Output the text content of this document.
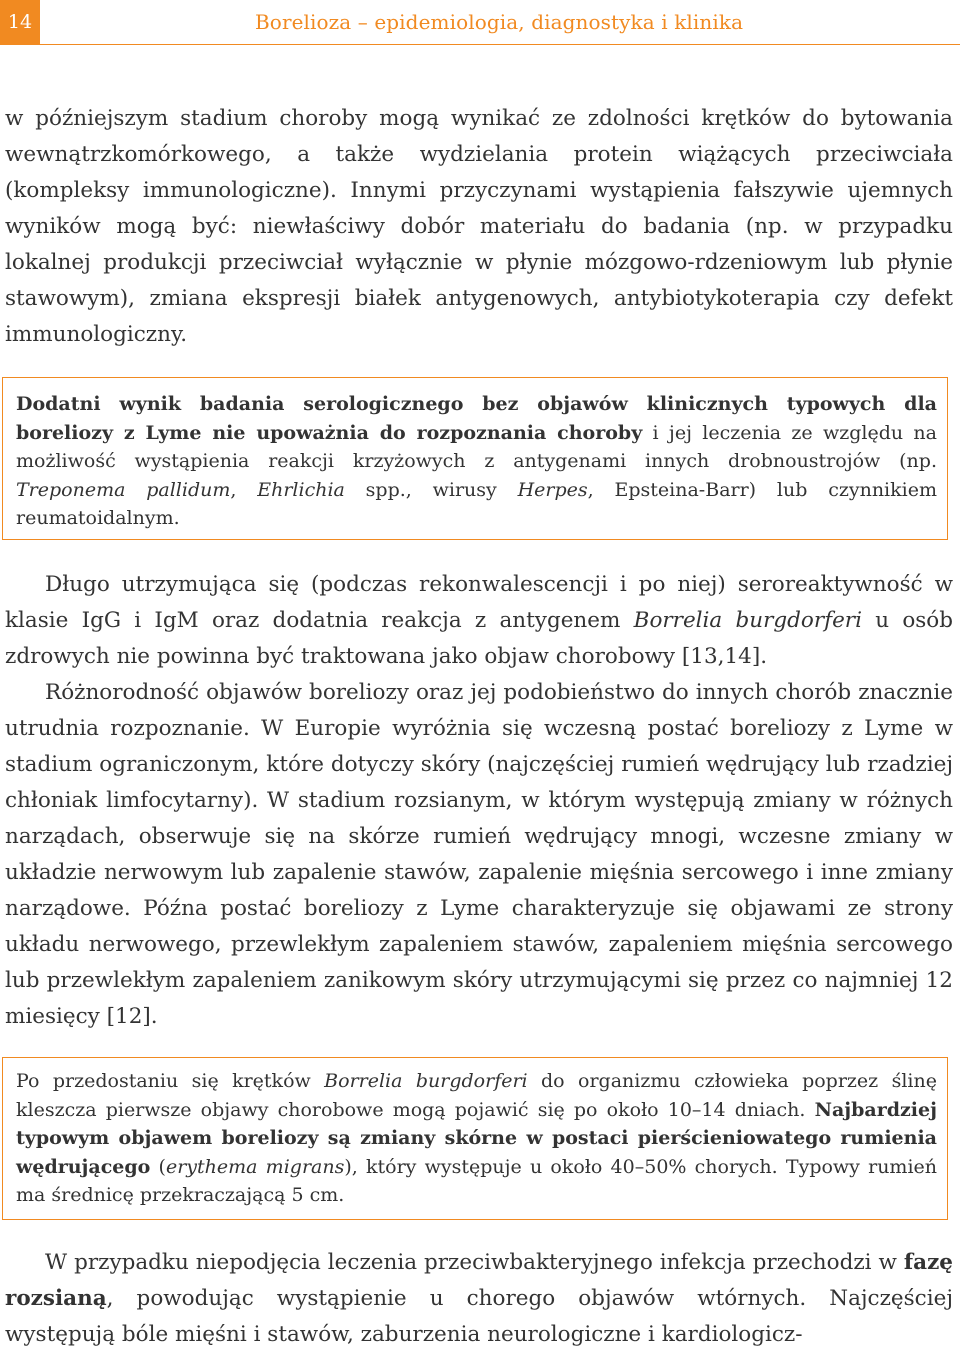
14	Borelioza – epidemiologia, diagnostyka i klinika

w późniejszym stadium choroby mogą wynikać ze zdolności krętków do bytowania wewnątrzkomórkowego, a także wydzielania protein wiążących przeciwciała (kompleksy immunologiczne). Innymi przyczynami wystąpienia fałszywie ujemnych wyników mogą być: niewłaściwy dobór materiału do badania (np. w przypadku lokalnej produkcji przeciwciał wyłącznie w płynie mózgowo-rdzeniowym lub płynie stawowym), zmiana ekspresji białek antygenowych, antybiotykoterapia czy defekt immunologiczny.

Dodatni wynik badania serologicznego bez objawów klinicznych typowych dla boreliozy z Lyme nie upoważnia do rozpoznania choroby i jej leczenia ze względu na możliwość wystąpienia reakcji krzyżowych z antygenami innych drobnoustrojów (np. Treponema pallidum, Ehrlichia spp., wirusy Herpes, Epsteina-Barr) lub czynnikiem reumatoidalnym.

Długo utrzymująca się (podczas rekonwalescencji i po niej) seroreaktywność w klasie IgG i IgM oraz dodatnia reakcja z antygenem Borrelia burgdorferi u osób zdrowych nie powinna być traktowana jako objaw chorobowy [13,14].

Różnorodność objawów boreliozy oraz jej podobieństwo do innych chorób znacznie utrudnia rozpoznanie. W Europie wyróżnia się wczesną postać boreliozy z Lyme w stadium ograniczonym, które dotyczy skóry (najczęściej rumień wędrujący lub rzadziej chłoniak limfocytarny). W stadium rozsianym, w którym występują zmiany w różnych narządach, obserwuje się na skórze rumień wędrujący mnogi, wczesne zmiany w układzie nerwowym lub zapalenie stawów, zapalenie mięśnia sercowego i inne zmiany narządowe. Późna postać boreliozy z Lyme charakteryzuje się objawami ze strony układu nerwowego, przewlekłym zapaleniem stawów, zapaleniem mięśnia sercowego lub przewlekłym zapaleniem zanikowym skóry utrzymującymi się przez co najmniej 12 miesięcy [12].

Po przedostaniu się krętków Borrelia burgdorferi do organizmu człowieka poprzez ślinę kleszcza pierwsze objawy chorobowe mogą pojawić się po około 10–14 dniach. Najbardziej typowym objawem boreliozy są zmiany skórne w postaci pierścieniowatego rumienia wędrującego (erythema migrans), który występuje u około 40–50% chorych. Typowy rumień ma średnicę przekraczającą 5 cm.

W przypadku niepodjęcia leczenia przeciwbakteryjnego infekcja przechodzi w fazę rozsianą, powodując wystąpienie u chorego objawów wtórnych. Najczęściej występują bóle mięśni i stawów, zaburzenia neurologiczne i kardiologicz-
